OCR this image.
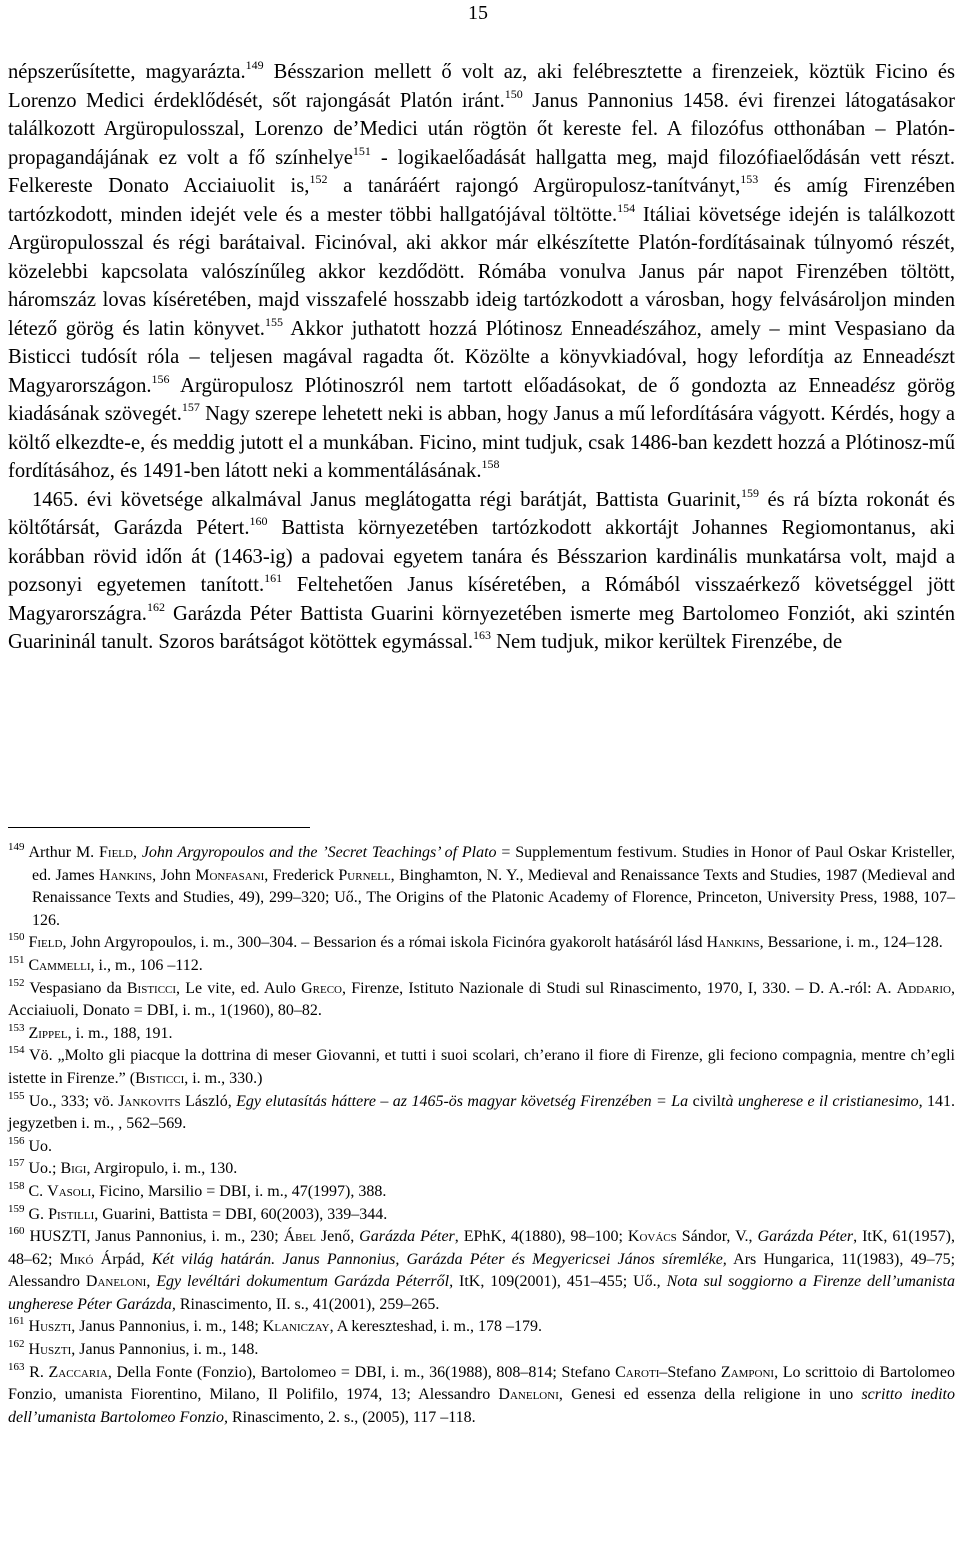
15

népszerűsítette, magyarázta.$^{149}$ Bésszarion mellett ő volt az, aki felébresztette a firenzeiek, köztük Ficino és Lorenzo Medici érdeklődését, sőt rajongását Platón iránt.$^{150}$ Janus Pannonius 1458. évi firenzei látogatásakor találkozott Argüropulosszal, Lorenzo de’Medici után rögtön őt kereste fel. A filozófus otthonában – Platón-propagandájának ez volt a fő színhelye$^{151}$ - logikaelőadását hallgatta meg, majd filozófiaelődásán vett részt. Felkereste Donato Acciaiuolit is,$^{152}$ a tanáráért rajongó Argüropulosz-tanítványt,$^{153}$ és amíg Firenzében tartózkodott, minden idejét vele és a mester többi hallgatójával töltötte.$^{154}$ Itáliai követsége idején is találkozott Argüropulosszal és régi barátaival. Ficinóval, aki akkor már elkészítette Platón-fordításainak túlnyomó részét, közelebbi kapcsolata valószínűleg akkor kezdődött. Rómába vonulva Janus pár napot Firenzében töltött, háromszáz lovas kíséretében, majd visszafelé hosszabb ideig tartózkodott a városban, hogy felvásároljon minden létező görög és latin könyvet.$^{155}$ Akkor juthatott hozzá Plótinosz Enneadészához, amely – mint Vespasiano da Bisticci tudósít róla – teljesen magával ragadta őt. Közölte a könyvkiadóval, hogy lefordítja az Enneadészt Magyarországon.$^{156}$ Argüropulosz Plótinoszról nem tartott előadásokat, de ő gondozta az Enneadész görög kiadásának szövegét.$^{157}$ Nagy szerepe lehetett neki is abban, hogy Janus a mű lefordítására vágyott. Kérdés, hogy a költő elkezdte-e, és meddig jutott el a munkában. Ficino, mint tudjuk, csak 1486-ban kezdett hozzá a Plótinosz-mű fordításához, és 1491-ben látott neki a kommentálásának.$^{158}$

1465. évi követsége alkalmával Janus meglátogatta régi barátját, Battista Guarinit,$^{159}$ és rá bízta rokonát és költőtársát, Garázda Pétert.$^{160}$ Battista környezetében tartózkodott akkortájt Johannes Regiomontanus, aki korábban rövid időn át (1463-ig) a padovai egyetem tanára és Bésszarion kardinális munkatársa volt, majd a pozsonyi egyetemen tanított.$^{161}$ Feltehetően Janus kíséretében, a Rómából visszaérkező követséggel jött Magyarországra.$^{162}$ Garázda Péter Battista Guarini környezetében ismerte meg Bartolomeo Fonziót, aki szintén Guarininál tanult. Szoros barátságot kötöttek egymással.$^{163}$ Nem tudjuk, mikor kerültek Firenzébe, de

$^{149}$ Arthur M. Field, John Argyropoulos and the ’Secret Teachings’ of Plato = Supplementum festivum. Studies in Honor of Paul Oskar Kristeller, ed. James Hankins, John Monfasani, Frederick Purnell, Binghamton, N. Y., Medieval and Renaissance Texts and Studies, 1987 (Medieval and Renaissance Texts and Studies, 49), 299–320; Uő., The Origins of the Platonic Academy of Florence, Princeton, University Press, 1988, 107–126.

$^{150}$ Field, John Argyropoulos, i. m., 300–304. – Bessarion és a római iskola Ficinóra gyakorolt hatásáról lásd Hankins, Bessarione, i. m., 124–128.

$^{151}$ Cammelli, i., m., 106 –112.

$^{152}$ Vespasiano da Bisticci, Le vite, ed. Aulo Greco, Firenze, Istituto Nazionale di Studi sul Rinascimento, 1970, I, 330. – D. A.-ról: A. Addario, Acciaiuoli, Donato = DBI, i. m., 1(1960), 80–82.

$^{153}$ Zippel, i. m., 188, 191.

$^{154}$ Vö. „Molto gli piacque la dottrina di meser Giovanni, et tutti i suoi scolari, ch’erano il fiore di Firenze, gli feciono compagnia, mentre ch’egli istette in Firenze.” (Bisticci, i. m., 330.)

$^{155}$ Uo., 333; vö. Jankovits László, Egy elutasítás háttere – az 1465-ös magyar követség Firenzében = La civiltà ungherese e il cristianesimo, 141. jegyzetben i. m., , 562–569.

$^{156}$ Uo.

$^{157}$ Uo.; Bigi, Argiropulo, i. m., 130.

$^{158}$ C. Vasoli, Ficino, Marsilio = DBI, i. m., 47(1997), 388.

$^{159}$ G. Pistilli, Guarini, Battista = DBI, 60(2003), 339–344.

$^{160}$ HUSZTI, Janus Pannonius, i. m., 230; Ábel Jenő, Garázda Péter, EPhK, 4(1880), 98–100; Kovács Sándor, V., Garázda Péter, ItK, 61(1957), 48–62; Mikó Árpád, Két világ határán. Janus Pannonius, Garázda Péter és Megyericsei János síremléke, Ars Hungarica, 11(1983), 49–75; Alessandro Daneloni, Egy levéltári dokumentum Garázda Péterről, ItK, 109(2001), 451–455; Uő., Nota sul soggiorno a Firenze dell’umanista ungherese Péter Garázda, Rinascimento, II. s., 41(2001), 259–265.

$^{161}$ Huszti, Janus Pannonius, i. m., 148; Klaniczay, A kereszteshad, i. m., 178 –179.

$^{162}$ Huszti, Janus Pannonius, i. m., 148.

$^{163}$ R. Zaccaria, Della Fonte (Fonzio), Bartolomeo = DBI, i. m., 36(1988), 808–814; Stefano Caroti–Stefano Zamponi, Lo scrittoio di Bartolomeo Fonzio, umanista Fiorentino, Milano, Il Polifilo, 1974, 13; Alessandro Daneloni, Genesi ed essenza della religione in uno scritto inedito dell’umanista Bartolomeo Fonzio, Rinascimento, 2. s., (2005), 117 –118.
